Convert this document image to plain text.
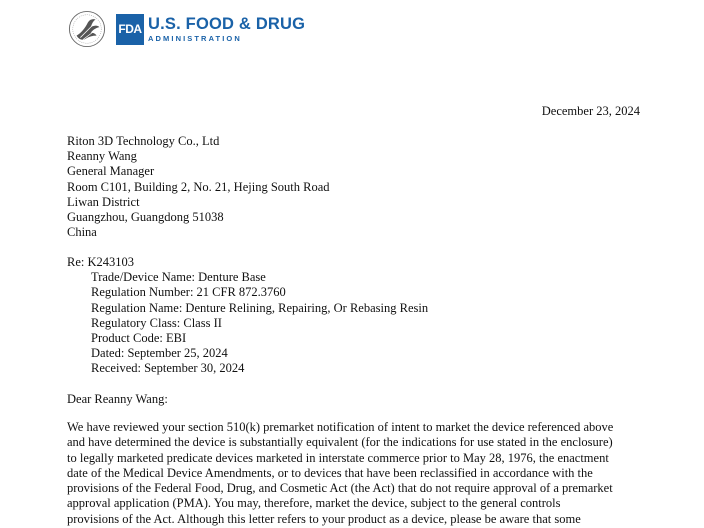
FDA U.S. FOOD & DRUG
ADMINISTRATION
December 23, 2024
Riton 3D Technology Co., Ltd
Reanny Wang
General Manager
Room C101, Building 2, No. 21, Hejing South Road
Liwan District
Guangzhou, Guangdong 51038
China
Re: K243103
Trade/Device Name: Denture Base
Regulation Number: 21 CFR 872.3760
Regulation Name: Denture Relining, Repairing, Or Rebasing Resin
Regulatory Class: Class II
Product Code: EBI
Dated: September 25, 2024
Received: September 30, 2024
Dear Reanny Wang:
We have reviewed your section 510(k) premarket notification of intent to market the device referenced above
and have determined the device is substantially equivalent (for the indications for use stated in the enclosure)
to legally marketed predicate devices marketed in interstate commerce prior to May 28, 1976, the enactment
date of the Medical Device Amendments, or to devices that have been reclassified in accordance with the
provisions of the Federal Food, Drug, and Cosmetic Act (the Act) that do not require approval of a premarket
approval application (PMA). You may, therefore, market the device, subject to the general controls
provisions of the Act. Although this letter refers to your product as a device, please be aware that some
